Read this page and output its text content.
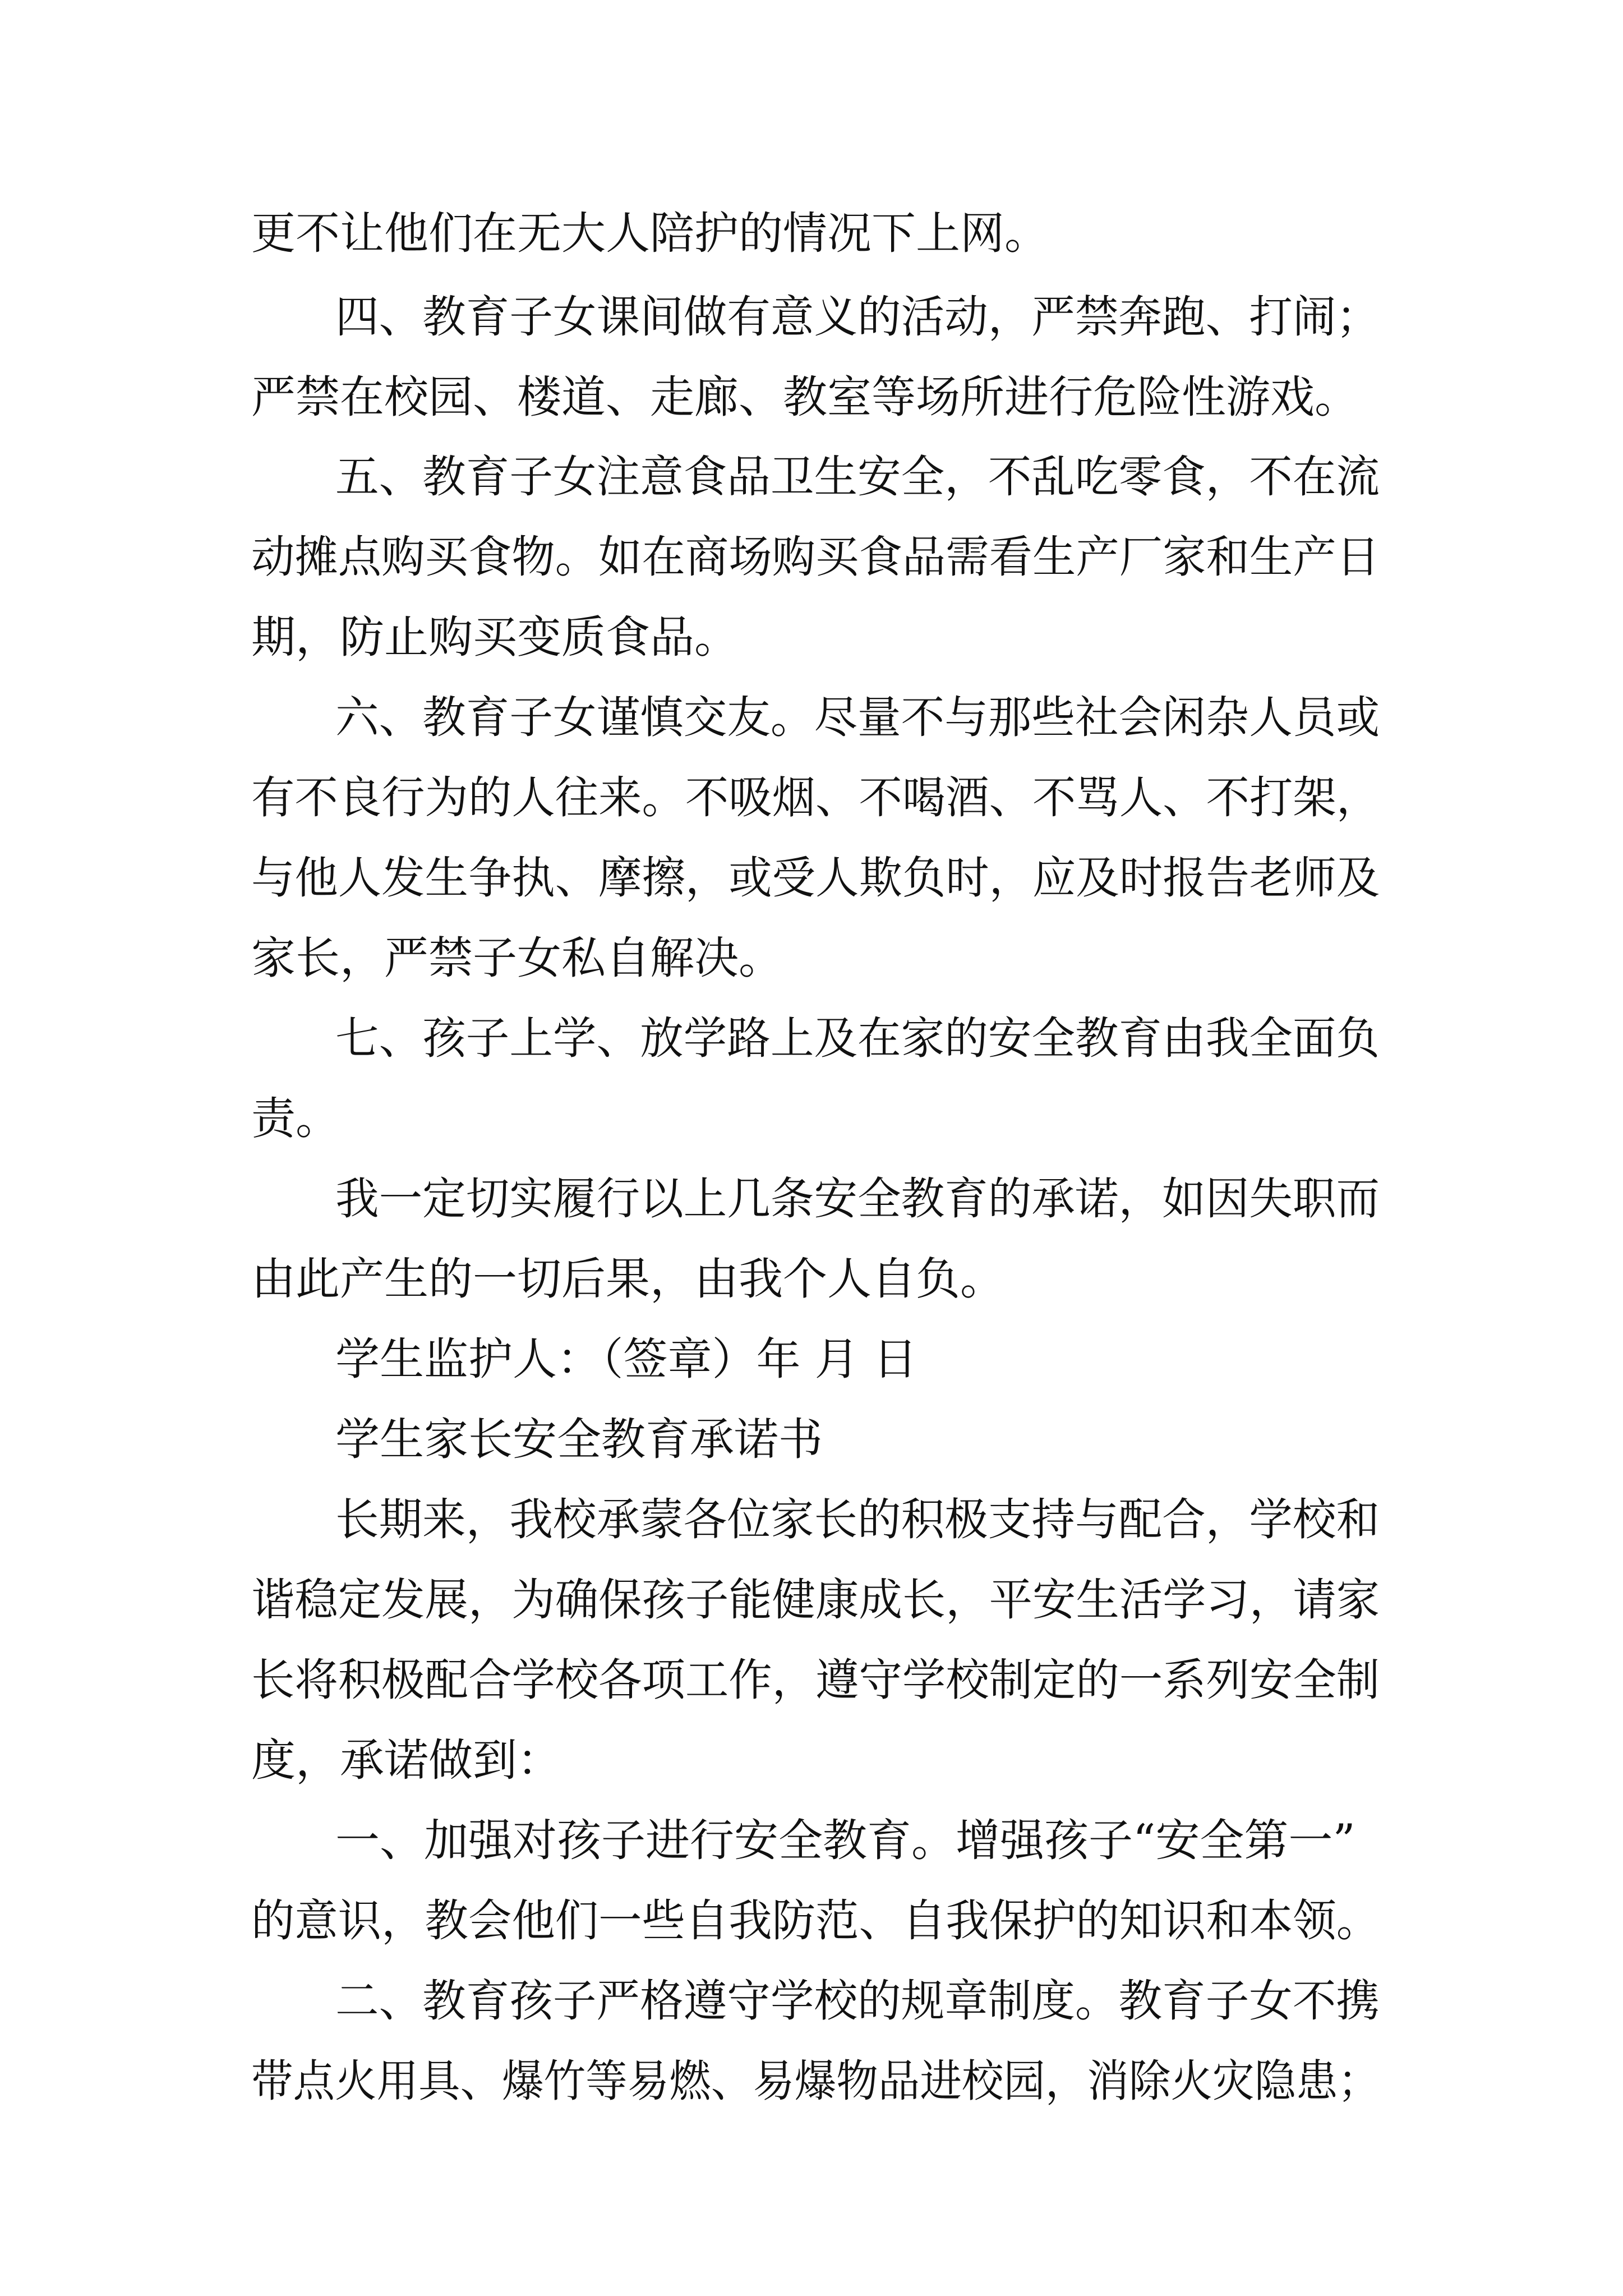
更不让他们在无大人陪护的情况下上网。

四、教育子女课间做有意义的活动，严禁奔跑、打闹；

严禁在校园、楼道、走廊、教室等场所进行危险性游戏。

五、教育子女注意食品卫生安全，不乱吃零食，不在流

动摊点购买食物。如在商场购买食品需看生产厂家和生产日

期，防止购买变质食品。

六、教育子女谨慎交友。尽量不与那些社会闲杂人员或

有不良行为的人往来。不吸烟、不喝酒、不骂人、不打架，

与他人发生争执、摩擦，或受人欺负时，应及时报告老师及

家长，严禁子女私自解决。

七、孩子上学、放学路上及在家的安全教育由我全面负

责。

我一定切实履行以上几条安全教育的承诺，如因失职而

由此产生的一切后果，由我个人自负。

学生监护人：（签章）年 月 日

学生家长安全教育承诺书

长期来，我校承蒙各位家长的积极支持与配合，学校和

谐稳定发展，为确保孩子能健康成长，平安生活学习，请家

长将积极配合学校各项工作，遵守学校制定的一系列安全制

度，承诺做到：

一、加强对孩子进行安全教育。增强孩子“安全第一”

的意识，教会他们一些自我防范、自我保护的知识和本领。

二、教育孩子严格遵守学校的规章制度。教育子女不携

带点火用具、爆竹等易燃、易爆物品进校园，消除火灾隐患；
